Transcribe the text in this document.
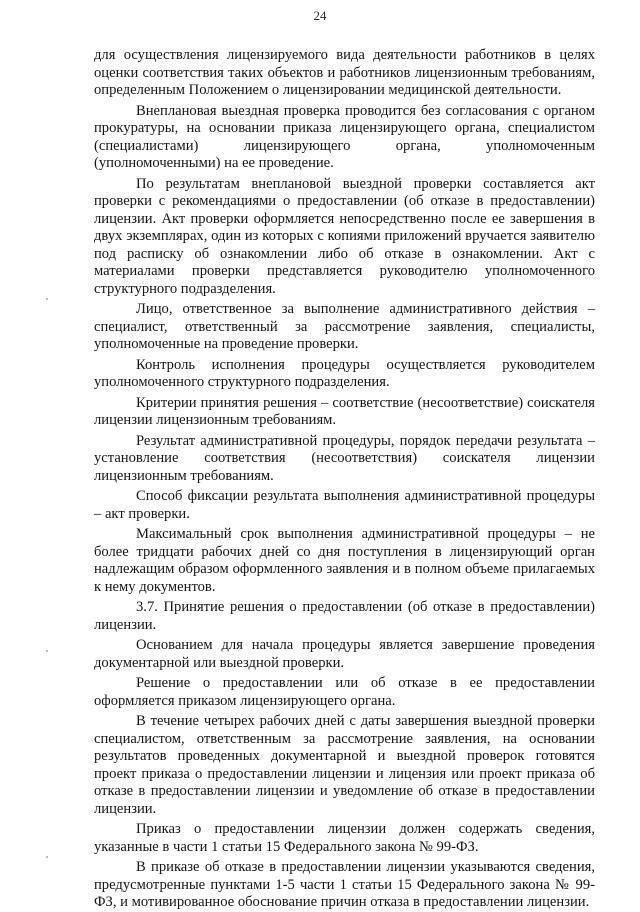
24

для осуществления лицензируемого вида деятельности работников в целях оценки соответствия таких объектов и работников лицензионным требованиям, определенным Положением о лицензировании медицинской деятельности.

Внеплановая выездная проверка проводится без согласования с органом прокуратуры, на основании приказа лицензирующего органа, специалистом (специалистами) лицензирующего органа, уполномоченным (уполномоченными) на ее проведение.

По результатам внеплановой выездной проверки составляется акт проверки с рекомендациями о предоставлении (об отказе в предоставлении) лицензии. Акт проверки оформляется непосредственно после ее завершения в двух экземплярах, один из которых с копиями приложений вручается заявителю под расписку об ознакомлении либо об отказе в ознакомлении. Акт с материалами проверки представляется руководителю уполномоченного структурного подразделения.

Лицо, ответственное за выполнение административного действия – специалист, ответственный за рассмотрение заявления, специалисты, уполномоченные на проведение проверки.

Контроль исполнения процедуры осуществляется руководителем уполномоченного структурного подразделения.

Критерии принятия решения – соответствие (несоответствие) соискателя лицензии лицензионным требованиям.

Результат административной процедуры, порядок передачи результата – установление соответствия (несоответствия) соискателя лицензии лицензионным требованиям.

Способ фиксации результата выполнения административной процедуры – акт проверки.

Максимальный срок выполнения административной процедуры – не более тридцати рабочих дней со дня поступления в лицензирующий орган надлежащим образом оформленного заявления и в полном объеме прилагаемых к нему документов.

3.7. Принятие решения о предоставлении (об отказе в предоставлении) лицензии.

Основанием для начала процедуры является завершение проведения документарной или выездной проверки.

Решение о предоставлении или об отказе в ее предоставлении оформляется приказом лицензирующего органа.

В течение четырех рабочих дней с даты завершения выездной проверки специалистом, ответственным за рассмотрение заявления, на основании результатов проведенных документарной и выездной проверок готовятся проект приказа о предоставлении лицензии и лицензия или проект приказа об отказе в предоставлении лицензии и уведомление об отказе в предоставлении лицензии.

Приказ о предоставлении лицензии должен содержать сведения, указанные в части 1 статьи 15 Федерального закона № 99-ФЗ.

В приказе об отказе в предоставлении лицензии указываются сведения, предусмотренные пунктами 1-5 части 1 статьи 15 Федерального закона № 99-ФЗ, и мотивированное обоснование причин отказа в предоставлении лицензии.
